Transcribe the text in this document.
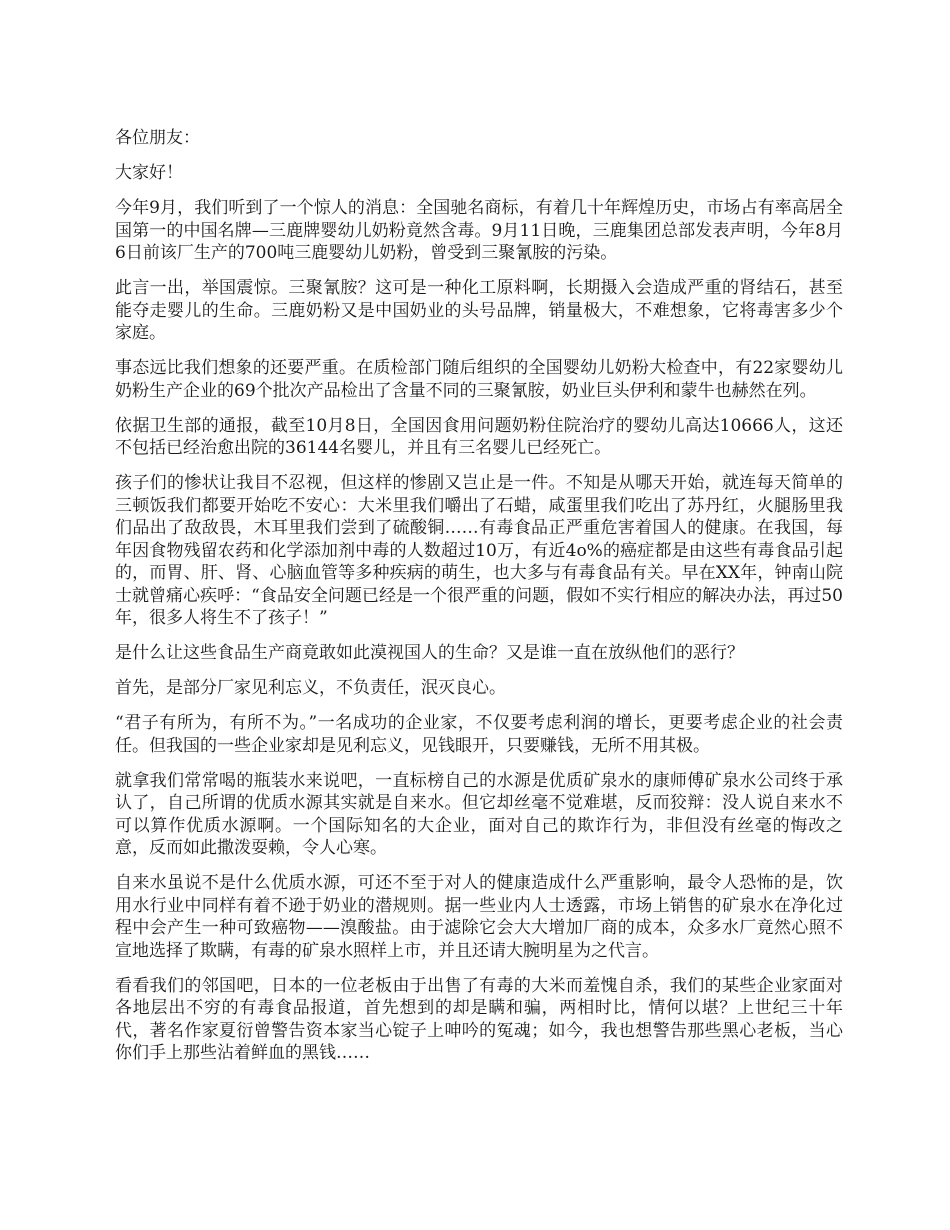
各位朋友：

大家好！

今年9月，我们听到了一个惊人的消息：全国驰名商标，有着几十年辉煌历史，市场占有率高居全国第一的中国名牌—三鹿牌婴幼儿奶粉竟然含毒。9月11日晚，三鹿集团总部发表声明，今年8月6日前该厂生产的700吨三鹿婴幼儿奶粉，曾受到三聚氰胺的污染。

此言一出，举国震惊。三聚氰胺？这可是一种化工原料啊，长期摄入会造成严重的肾结石，甚至能夺走婴儿的生命。三鹿奶粉又是中国奶业的头号品牌，销量极大，不难想象，它将毒害多少个家庭。

事态远比我们想象的还要严重。在质检部门随后组织的全国婴幼儿奶粉大检查中，有22家婴幼儿奶粉生产企业的69个批次产品检出了含量不同的三聚氰胺，奶业巨头伊利和蒙牛也赫然在列。

依据卫生部的通报，截至10月8日，全国因食用问题奶粉住院治疗的婴幼儿高达10666人，这还不包括已经治愈出院的36144名婴儿，并且有三名婴儿已经死亡。

孩子们的惨状让我目不忍视，但这样的惨剧又岂止是一件。不知是从哪天开始，就连每天简单的三顿饭我们都要开始吃不安心：大米里我们嚼出了石蜡，咸蛋里我们吃出了苏丹红，火腿肠里我们品出了敌敌畏，木耳里我们尝到了硫酸铜……有毒食品正严重危害着国人的健康。在我国，每年因食物残留农药和化学添加剂中毒的人数超过10万，有近4o%的癌症都是由这些有毒食品引起的，而胃、肝、肾、心脑血管等多种疾病的萌生，也大多与有毒食品有关。早在XX年，钟南山院士就曾痛心疾呼：“食品安全问题已经是一个很严重的问题，假如不实行相应的解决办法，再过50年，很多人将生不了孩子！”

是什么让这些食品生产商竟敢如此漠视国人的生命？又是谁一直在放纵他们的恶行？

首先，是部分厂家见利忘义，不负责任，泯灭良心。

“君子有所为，有所不为。”一名成功的企业家，不仅要考虑利润的增长，更要考虑企业的社会责任。但我国的一些企业家却是见利忘义，见钱眼开，只要赚钱，无所不用其极。

就拿我们常常喝的瓶装水来说吧，一直标榜自己的水源是优质矿泉水的康师傅矿泉水公司终于承认了，自己所谓的优质水源其实就是自来水。但它却丝毫不觉难堪，反而狡辩：没人说自来水不可以算作优质水源啊。一个国际知名的大企业，面对自己的欺诈行为，非但没有丝毫的悔改之意，反而如此撒泼耍赖，令人心寒。

自来水虽说不是什么优质水源，可还不至于对人的健康造成什么严重影响，最令人恐怖的是，饮用水行业中同样有着不逊于奶业的潜规则。据一些业内人士透露，市场上销售的矿泉水在净化过程中会产生一种可致癌物——溴酸盐。由于滤除它会大大增加厂商的成本，众多水厂竟然心照不宣地选择了欺瞒，有毒的矿泉水照样上市，并且还请大腕明星为之代言。

看看我们的邻国吧，日本的一位老板由于出售了有毒的大米而羞愧自杀，我们的某些企业家面对各地层出不穷的有毒食品报道，首先想到的却是瞒和骗，两相时比，情何以堪？上世纪三十年代，著名作家夏衍曾警告资本家当心锭子上呻吟的冤魂；如今，我也想警告那些黑心老板，当心你们手上那些沾着鲜血的黑钱……
